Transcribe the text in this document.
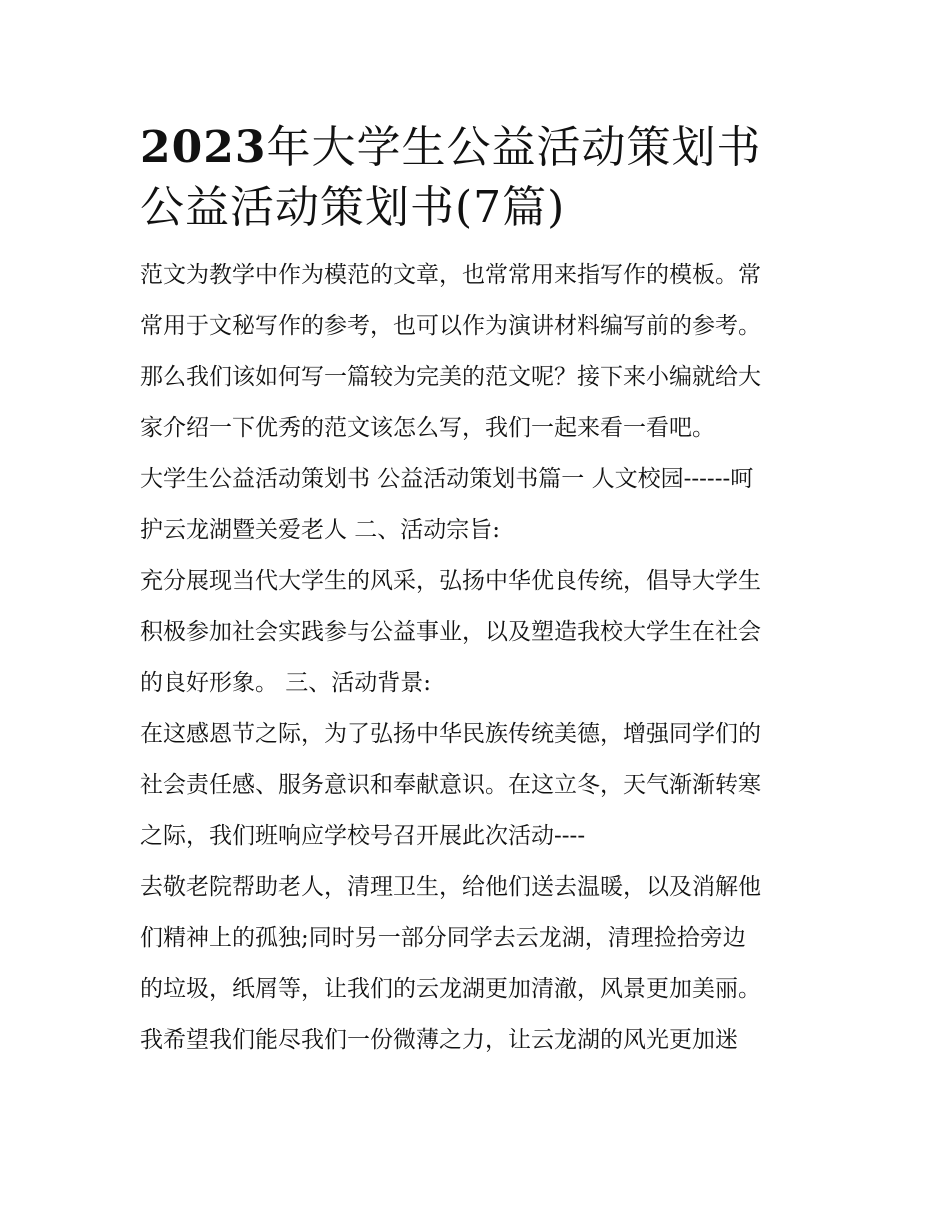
2023年大学生公益活动策划书
公益活动策划书(7篇)

范文为教学中作为模范的文章，也常常用来指写作的模板。常
常用于文秘写作的参考，也可以作为演讲材料编写前的参考。
那么我们该如何写一篇较为完美的范文呢？接下来小编就给大
家介绍一下优秀的范文该怎么写，我们一起来看一看吧。

大学生公益活动策划书 公益活动策划书篇一 人文校园------呵
护云龙湖暨关爱老人 二、活动宗旨:

充分展现当代大学生的风采，弘扬中华优良传统，倡导大学生
积极参加社会实践参与公益事业，以及塑造我校大学生在社会
的良好形象。 三、活动背景:

在这感恩节之际，为了弘扬中华民族传统美德，增强同学们的
社会责任感、服务意识和奉献意识。在这立冬，天气渐渐转寒
之际，我们班响应学校号召开展此次活动----

去敬老院帮助老人，清理卫生，给他们送去温暖，以及消解他
们精神上的孤独;同时另一部分同学去云龙湖，清理捡拾旁边
的垃圾，纸屑等，让我们的云龙湖更加清澈，风景更加美丽。
我希望我们能尽我们一份微薄之力，让云龙湖的风光更加迷
